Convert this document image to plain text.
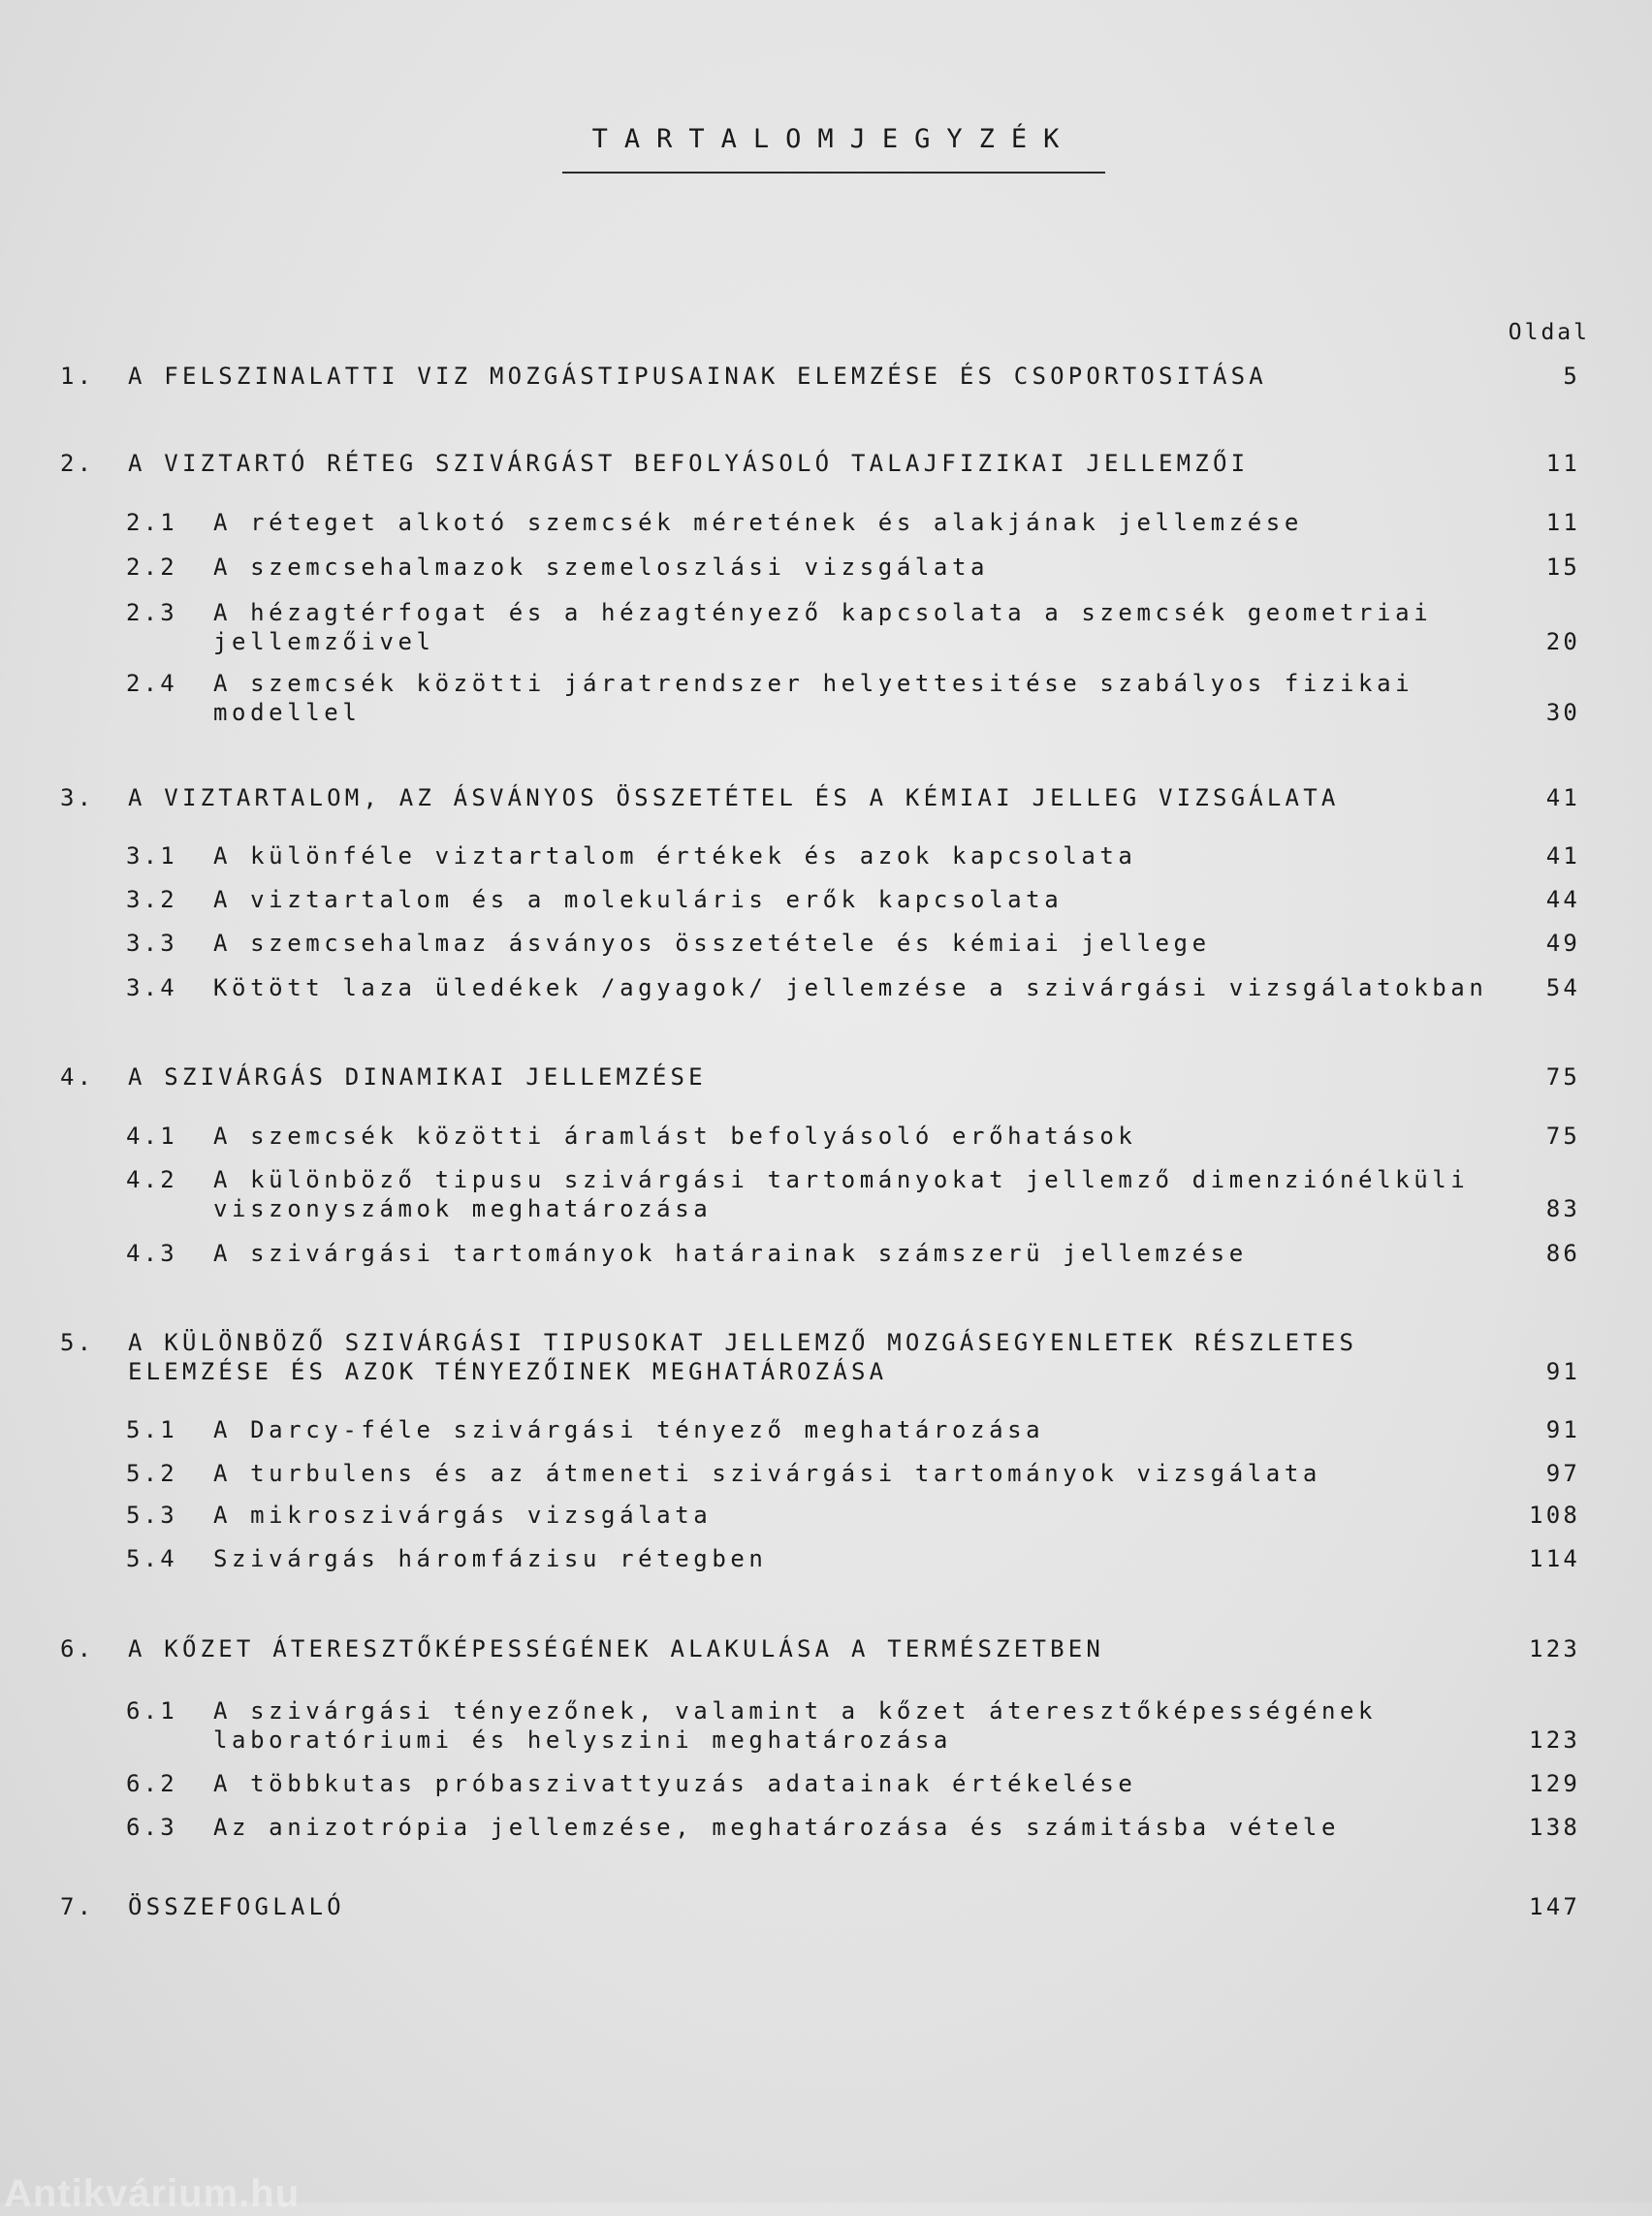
TARTALOMJEGYZÉK
Oldal
1. A FELSZINALATTI VIZ MOZGÁSTIPUSAINAK ELEMZÉSE ÉS CSOPORTOSITÁSA	5
2. A VIZTARTÓ RÉTEG SZIVÁRGÁST BEFOLYÁSOLÓ TALAJFIZIKAI JELLEMZŐI	11
2.1 A réteget alkotó szemcsék méretének és alakjának jellemzése	11
2.2 A szemcsehalmazok szemeloszlási vizsgálata	15
2.3 A hézagtérfogat és a hézagtényező kapcsolata a szemcsék geometriai
jellemzőivel	20
2.4 A szemcsék közötti járatrendszer helyettesitése szabályos fizikai
modellel	30
3. A VIZTARTALOM, AZ ÁSVÁNYOS ÖSSZETÉTEL ÉS A KÉMIAI JELLEG VIZSGÁLATA	41
3.1 A különféle viztartalom értékek és azok kapcsolata	41
3.2 A viztartalom és a molekuláris erők kapcsolata	44
3.3 A szemcsehalmaz ásványos összetétele és kémiai jellege	49
3.4 Kötött laza üledékek /agyagok/ jellemzése a szivárgási vizsgálatokban	54
4. A SZIVÁRGÁS DINAMIKAI JELLEMZÉSE	75
4.1 A szemcsék közötti áramlást befolyásoló erőhatások	75
4.2 A különböző tipusu szivárgási tartományokat jellemző dimenziónélküli
viszonyszámok meghatározása	83
4.3 A szivárgási tartományok határainak számszerü jellemzése	86
5. A KÜLÖNBÖZŐ SZIVÁRGÁSI TIPUSOKAT JELLEMZŐ MOZGÁSEGYENLETEK RÉSZLETES
ELEMZÉSE ÉS AZOK TÉNYEZŐINEK MEGHATÁROZÁSA	91
5.1 A Darcy-féle szivárgási tényező meghatározása	91
5.2 A turbulens és az átmeneti szivárgási tartományok vizsgálata	97
5.3 A mikroszivárgás vizsgálata	108
5.4 Szivárgás háromfázisu rétegben	114
6. A KŐZET ÁTERESZTŐKÉPESSÉGÉNEK ALAKULÁSA A TERMÉSZETBEN	123
6.1 A szivárgási tényezőnek, valamint a kőzet áteresztőképességének
laboratóriumi és helyszini meghatározása	123
6.2 A többkutas próbaszivattyuzás adatainak értékelése	129
6.3 Az anizotrópia jellemzése, meghatározása és számitásba vétele	138
7. ÖSSZEFOGLALÓ	147
Antikvárium.hu
